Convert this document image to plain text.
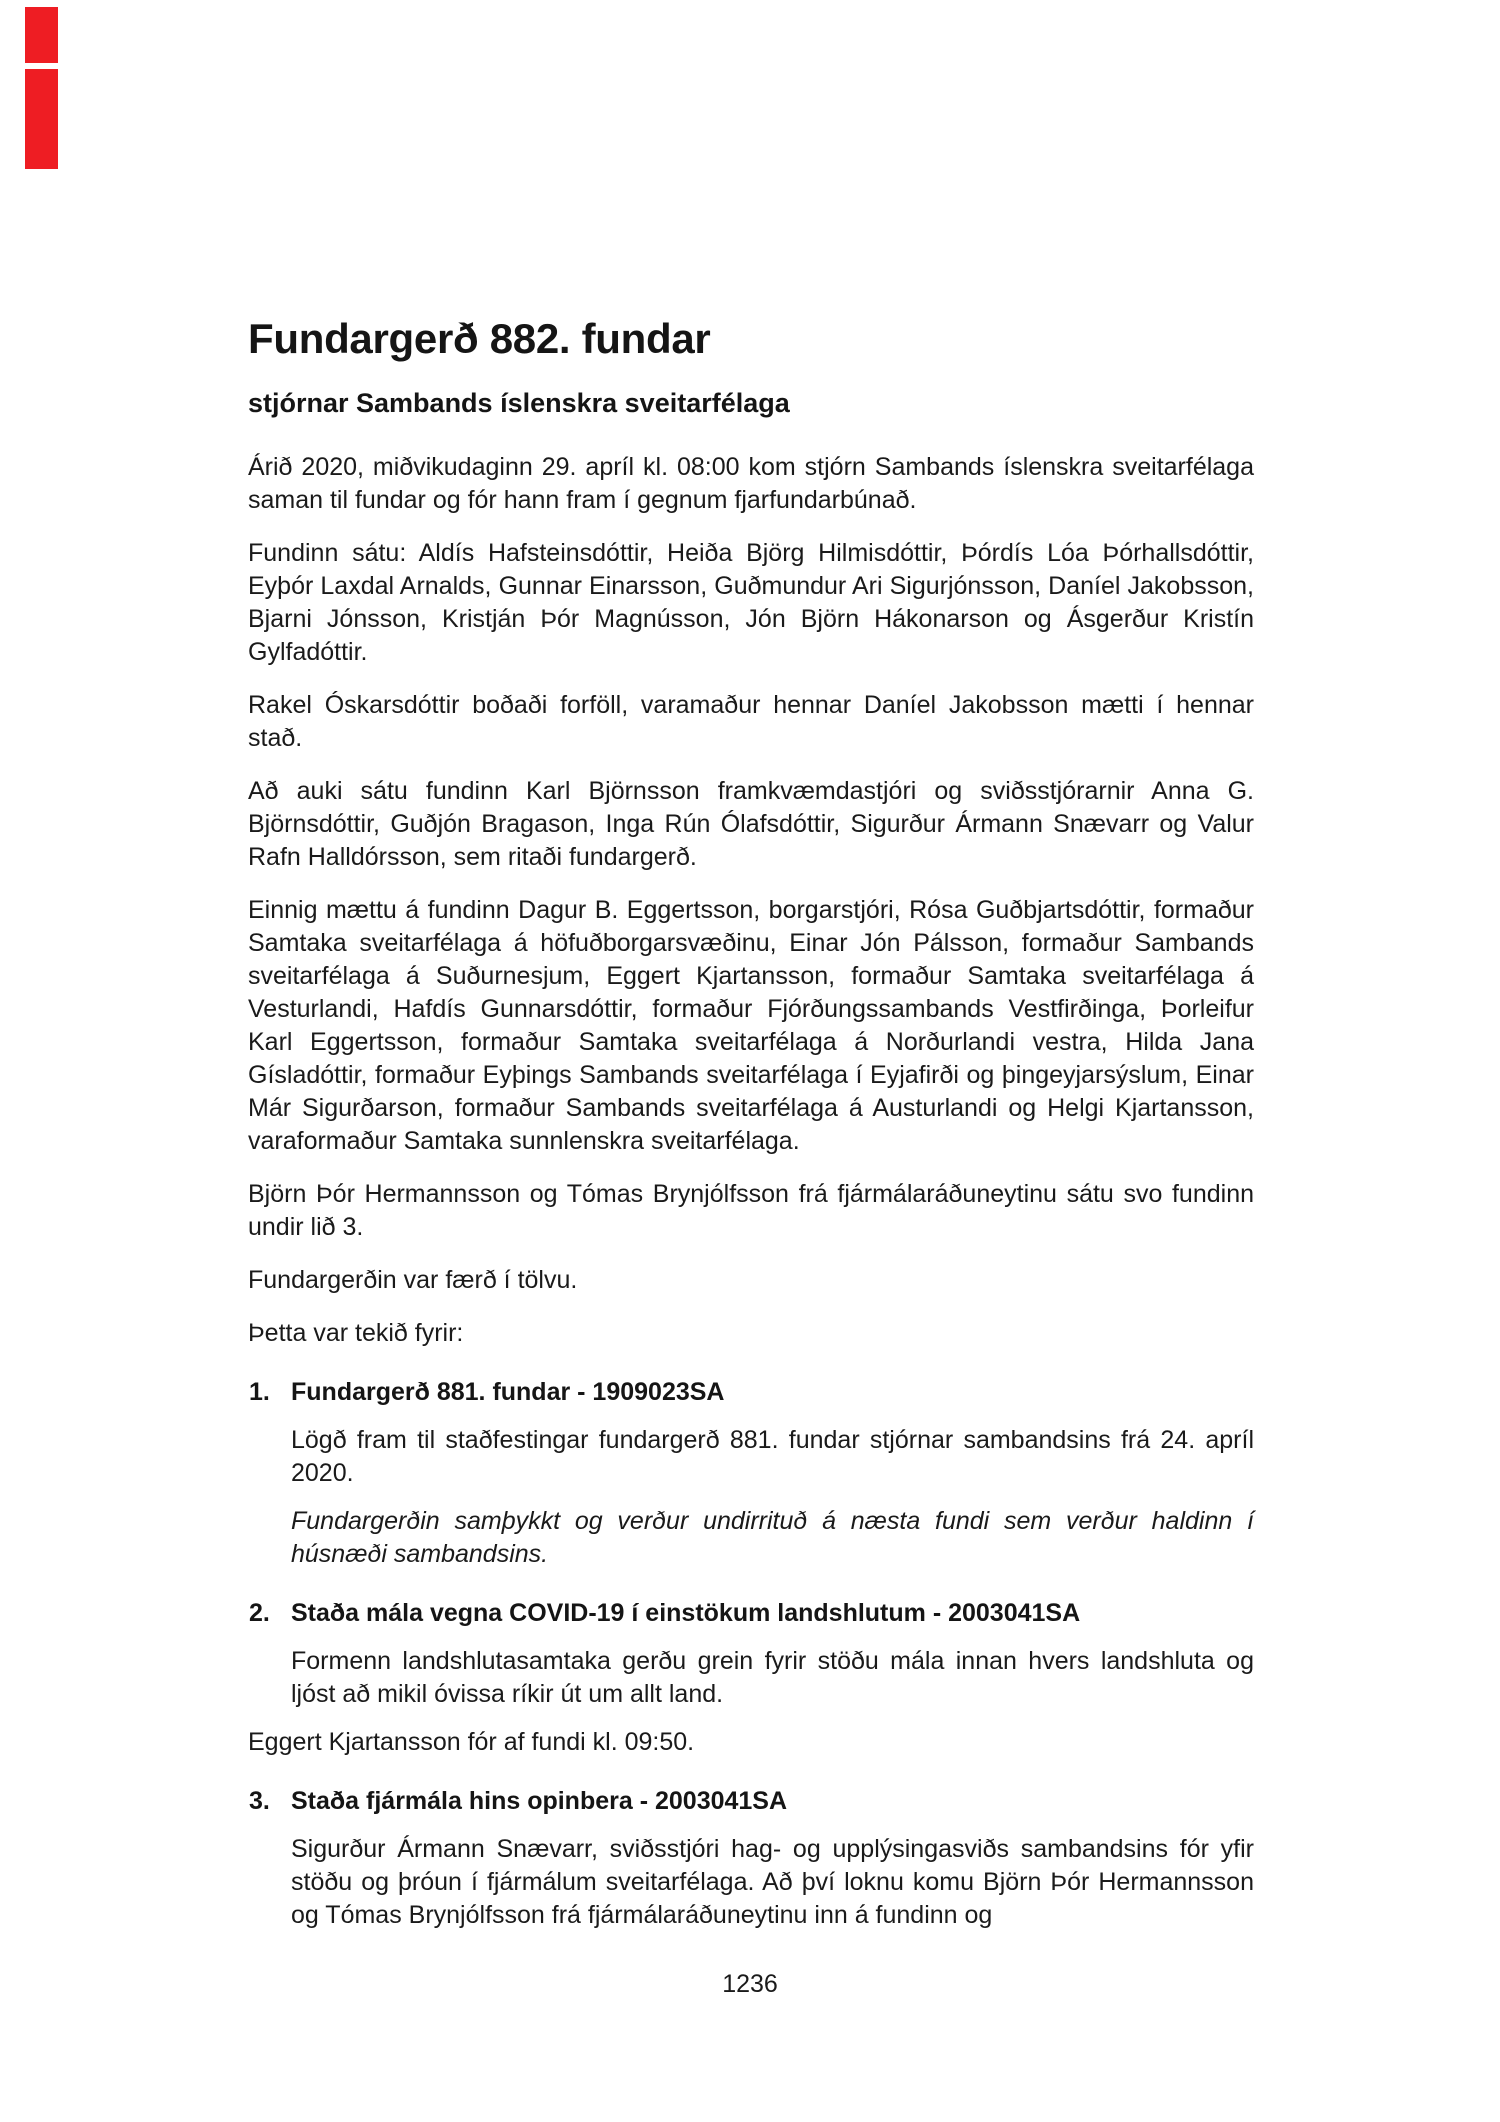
Fundargerð 882. fundar
stjórnar Sambands íslenskra sveitarfélaga

Árið 2020, miðvikudaginn 29. apríl kl. 08:00 kom stjórn Sambands íslenskra sveitarfélaga saman til fundar og fór hann fram í gegnum fjarfundarbúnað.

Fundinn sátu: Aldís Hafsteinsdóttir, Heiða Björg Hilmisdóttir, Þórdís Lóa Þórhallsdóttir, Eyþór Laxdal Arnalds, Gunnar Einarsson, Guðmundur Ari Sigurjónsson, Daníel Jakobsson, Bjarni Jónsson, Kristján Þór Magnússon, Jón Björn Hákonarson og Ásgerður Kristín Gylfadóttir.

Rakel Óskarsdóttir boðaði forföll, varamaður hennar Daníel Jakobsson mætti í hennar stað.

Að auki sátu fundinn Karl Björnsson framkvæmdastjóri og sviðsstjórarnir Anna G. Björnsdóttir, Guðjón Bragason, Inga Rún Ólafsdóttir, Sigurður Ármann Snævarr og Valur Rafn Halldórsson, sem ritaði fundargerð.

Einnig mættu á fundinn Dagur B. Eggertsson, borgarstjóri, Rósa Guðbjartsdóttir, formaður Samtaka sveitarfélaga á höfuðborgarsvæðinu, Einar Jón Pálsson, formaður Sambands sveitarfélaga á Suðurnesjum, Eggert Kjartansson, formaður Samtaka sveitarfélaga á Vesturlandi, Hafdís Gunnarsdóttir, formaður Fjórðungssambands Vestfirðinga, Þorleifur Karl Eggertsson, formaður Samtaka sveitarfélaga á Norðurlandi vestra, Hilda Jana Gísladóttir, formaður Eyþings Sambands sveitarfélaga í Eyjafirði og þingeyjarsýslum, Einar Már Sigurðarson, formaður Sambands sveitarfélaga á Austurlandi og Helgi Kjartansson, varaformaður Samtaka sunnlenskra sveitarfélaga.

Björn Þór Hermannsson og Tómas Brynjólfsson frá fjármálaráðuneytinu sátu svo fundinn undir lið 3.

Fundargerðin var færð í tölvu.

Þetta var tekið fyrir:

1. Fundargerð 881. fundar - 1909023SA

Lögð fram til staðfestingar fundargerð 881. fundar stjórnar sambandsins frá 24. apríl 2020.

Fundargerðin samþykkt og verður undirrituð á næsta fundi sem verður haldinn í húsnæði sambandsins.

2. Staða mála vegna COVID-19 í einstökum landshlutum - 2003041SA

Formenn landshlutasamtaka gerðu grein fyrir stöðu mála innan hvers landshluta og ljóst að mikil óvissa ríkir út um allt land.

Eggert Kjartansson fór af fundi kl. 09:50.

3. Staða fjármála hins opinbera - 2003041SA

Sigurður Ármann Snævarr, sviðsstjóri hag- og upplýsingasviðs sambandsins fór yfir stöðu og þróun í fjármálum sveitarfélaga. Að því loknu komu Björn Þór Hermannsson og Tómas Brynjólfsson frá fjármálaráðuneytinu inn á fundinn og

1236
